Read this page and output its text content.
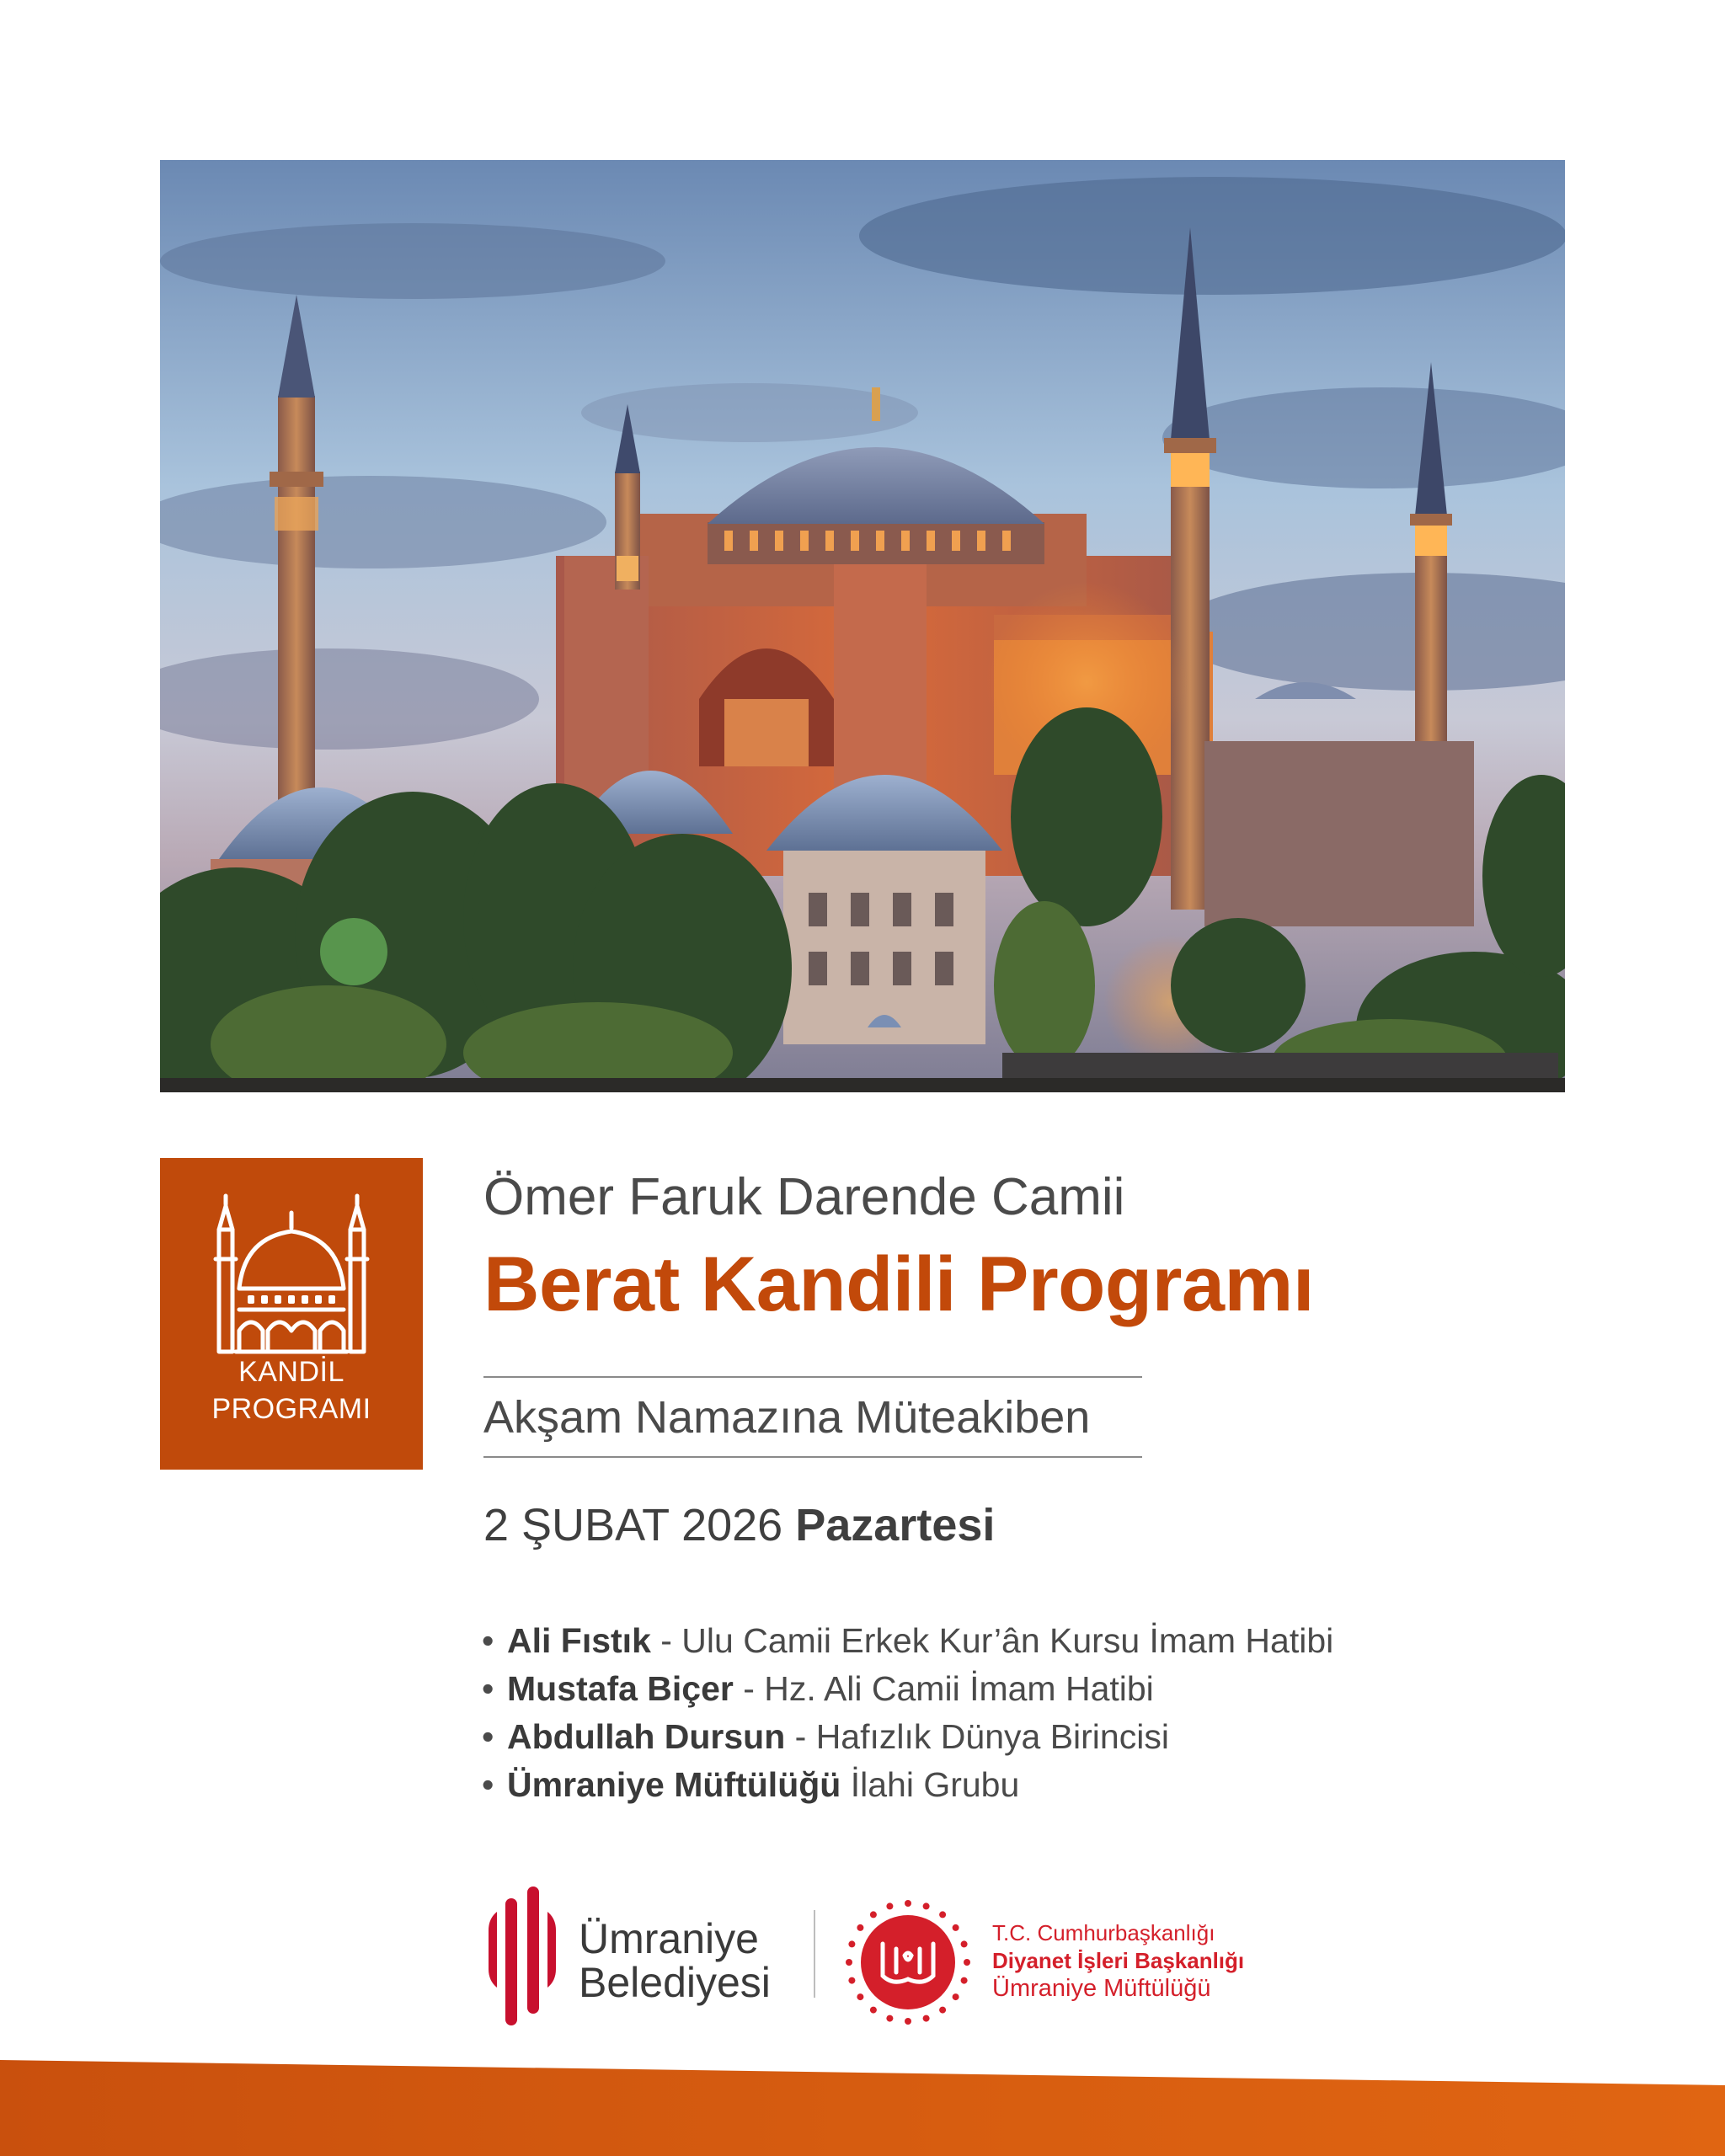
KANDİL
PROGRAMI
Ömer Faruk Darende Camii
Berat Kandili Programı
Akşam Namazına Müteakiben
2 ŞUBAT 2026 Pazartesi
• Ali Fıstık - Ulu Camii Erkek Kur’ân Kursu İmam Hatibi
• Mustafa Biçer - Hz. Ali Camii İmam Hatibi
• Abdullah Dursun - Hafızlık Dünya Birincisi
• Ümraniye Müftülüğü İlahi Grubu
Ümraniye
Belediyesi
T.C. Cumhurbaşkanlığı
Diyanet İşleri Başkanlığı
Ümraniye Müftülüğü
